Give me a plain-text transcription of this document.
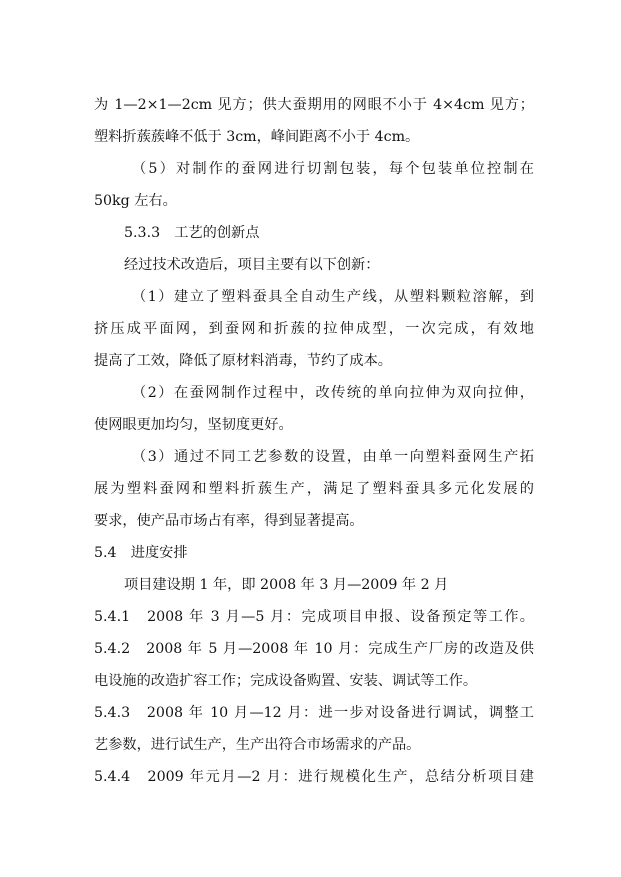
为 1—2×1—2cm 见方；供大蚕期用的网眼不小于 4×4cm 见方；
塑料折蔟蔟峰不低于 3cm，峰间距离不小于 4cm。
（5）对制作的蚕网进行切割包装，每个包装单位控制在
50kg 左右。
5.3.3　工艺的创新点
经过技术改造后，项目主要有以下创新：
（1）建立了塑料蚕具全自动生产线，从塑料颗粒溶解，到
挤压成平面网，到蚕网和折蔟的拉伸成型，一次完成，有效地
提高了工效，降低了原材料消毒，节约了成本。
（2）在蚕网制作过程中，改传统的单向拉伸为双向拉伸，
使网眼更加均匀，坚韧度更好。
（3）通过不同工艺参数的设置，由单一向塑料蚕网生产拓
展为塑料蚕网和塑料折蔟生产，满足了塑料蚕具多元化发展的
要求，使产品市场占有率，得到显著提高。
5.4　进度安排
项目建设期 1 年，即 2008 年 3 月—2009 年 2 月
5.4.1　2008 年 3 月—5 月：完成项目申报、设备预定等工作。
5.4.2　2008 年 5 月—2008 年 10 月：完成生产厂房的改造及供
电设施的改造扩容工作；完成设备购置、安装、调试等工作。
5.4.3　2008 年 10 月—12 月：进一步对设备进行调试，调整工
艺参数，进行试生产，生产出符合市场需求的产品。
5.4.4　2009 年元月—2 月：进行规模化生产，总结分析项目建
